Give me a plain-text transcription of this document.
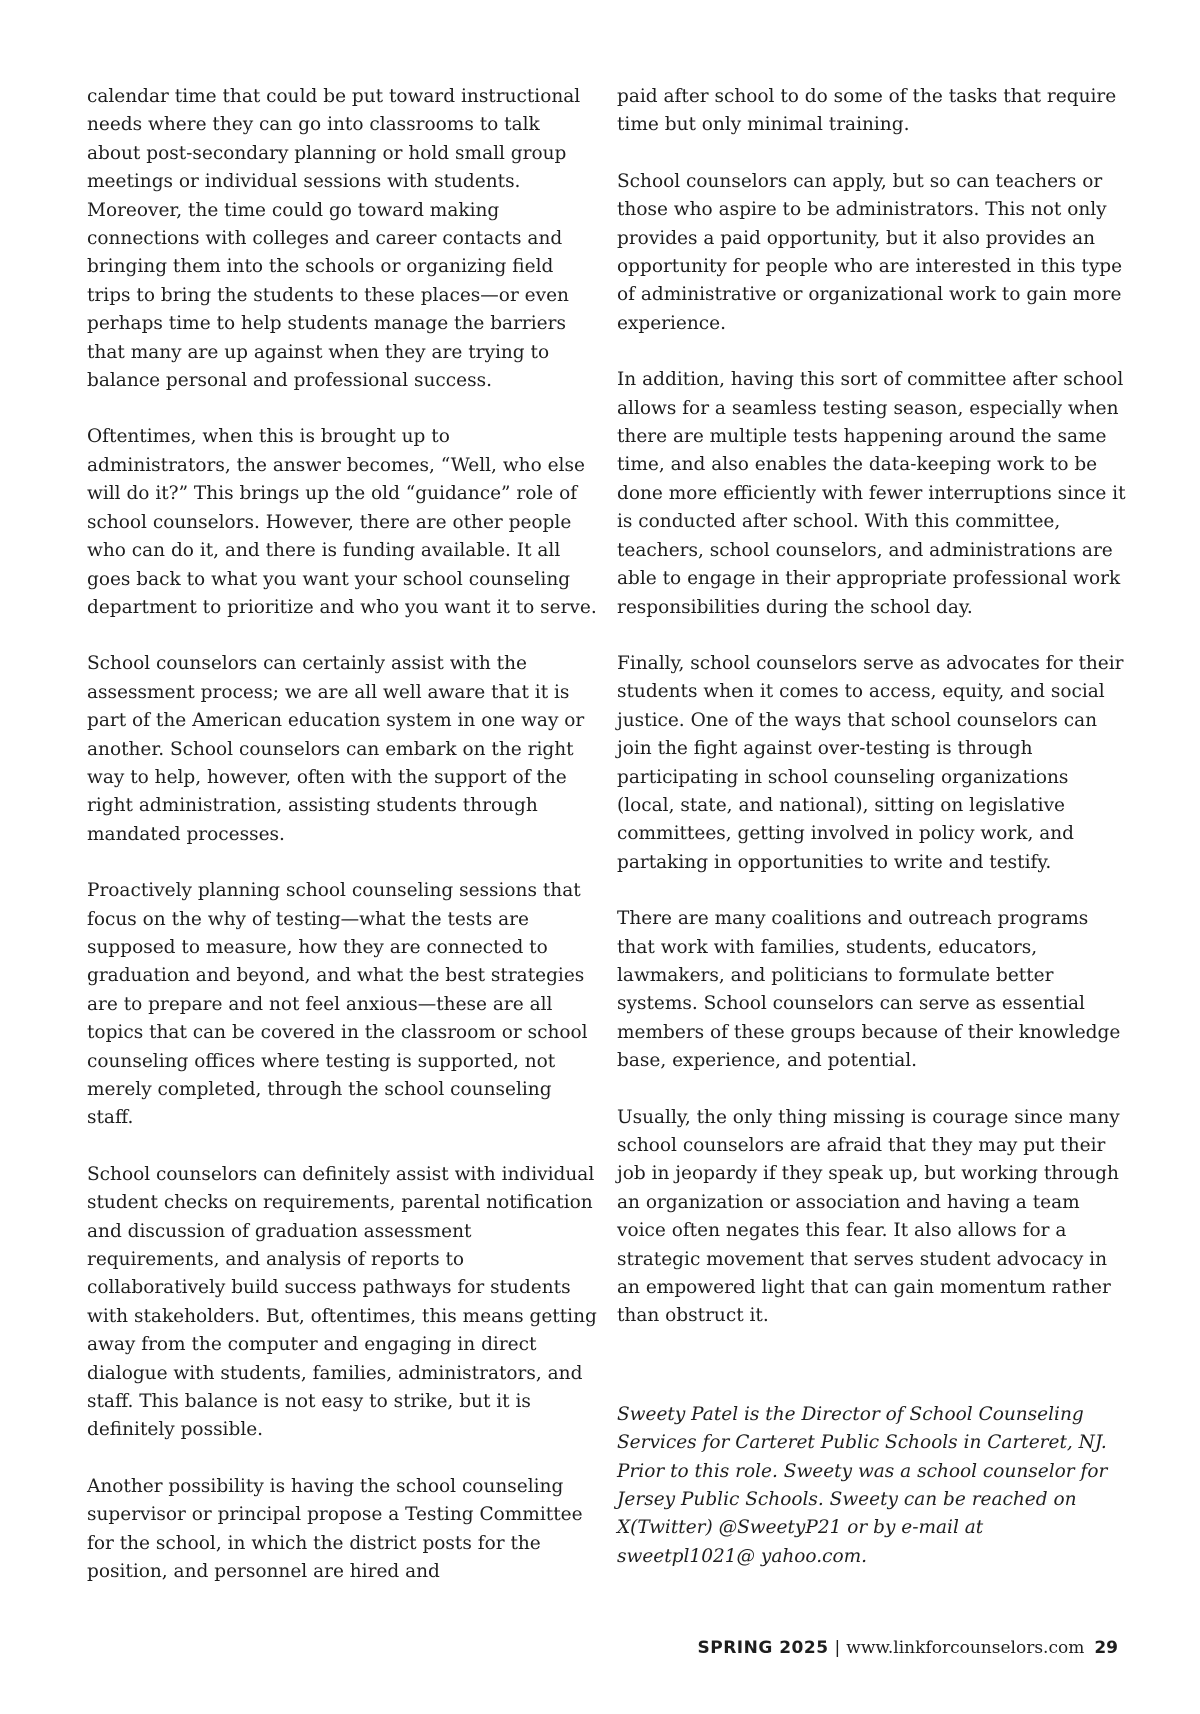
calendar time that could be put toward instructional needs where they can go into classrooms to talk about post-secondary planning or hold small group meetings or individual sessions with students. Moreover, the time could go toward making connections with colleges and career contacts and bringing them into the schools or organizing field trips to bring the students to these places—or even perhaps time to help students manage the barriers that many are up against when they are trying to balance personal and professional success.

Oftentimes, when this is brought up to administrators, the answer becomes, “Well, who else will do it?” This brings up the old “guidance” role of school counselors. However, there are other people who can do it, and there is funding available. It all goes back to what you want your school counseling department to prioritize and who you want it to serve.

School counselors can certainly assist with the assessment process; we are all well aware that it is part of the American education system in one way or another. School counselors can embark on the right way to help, however, often with the support of the right administration, assisting students through mandated processes.

Proactively planning school counseling sessions that focus on the why of testing—what the tests are supposed to measure, how they are connected to graduation and beyond, and what the best strategies are to prepare and not feel anxious—these are all topics that can be covered in the classroom or school counseling offices where testing is supported, not merely completed, through the school counseling staff.

School counselors can definitely assist with individual student checks on requirements, parental notification and discussion of graduation assessment requirements, and analysis of reports to collaboratively build success pathways for students with stakeholders. But, oftentimes, this means getting away from the computer and engaging in direct dialogue with students, families, administrators, and staff. This balance is not easy to strike, but it is definitely possible.

Another possibility is having the school counseling supervisor or principal propose a Testing Committee for the school, in which the district posts for the position, and personnel are hired and

paid after school to do some of the tasks that require time but only minimal training.

School counselors can apply, but so can teachers or those who aspire to be administrators. This not only provides a paid opportunity, but it also provides an opportunity for people who are interested in this type of administrative or organizational work to gain more experience.

In addition, having this sort of committee after school allows for a seamless testing season, especially when there are multiple tests happening around the same time, and also enables the data-keeping work to be done more efficiently with fewer interruptions since it is conducted after school. With this committee, teachers, school counselors, and administrations are able to engage in their appropriate professional work responsibilities during the school day.

Finally, school counselors serve as advocates for their students when it comes to access, equity, and social justice. One of the ways that school counselors can join the fight against over-testing is through participating in school counseling organizations (local, state, and national), sitting on legislative committees, getting involved in policy work, and partaking in opportunities to write and testify.

There are many coalitions and outreach programs that work with families, students, educators, lawmakers, and politicians to formulate better systems. School counselors can serve as essential members of these groups because of their knowledge base, experience, and potential.

Usually, the only thing missing is courage since many school counselors are afraid that they may put their job in jeopardy if they speak up, but working through an organization or association and having a team voice often negates this fear. It also allows for a strategic movement that serves student advocacy in an empowered light that can gain momentum rather than obstruct it.

Sweety Patel is the Director of School Counseling Services for Carteret Public Schools in Carteret, NJ. Prior to this role. Sweety was a school counselor for Jersey Public Schools. Sweety can be reached on X(Twitter) @SweetyP21 or by e-mail at sweetpl1021@ yahoo.com.

SPRING 2025 | www.linkforcounselors.com 29
